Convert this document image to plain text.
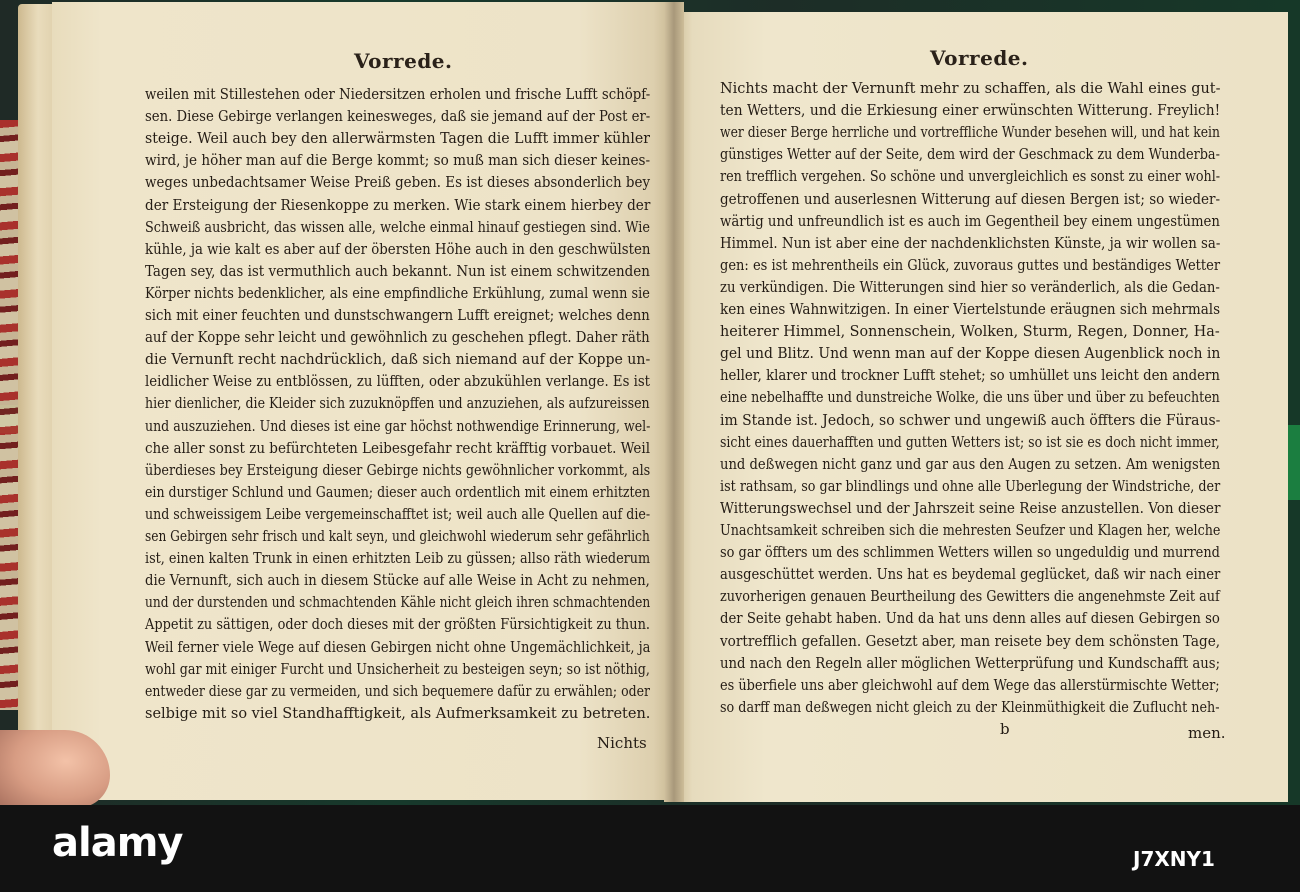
Vorrede.	Vorrede.
weilen mit Stillestehen oder Niedersitzen erholen und frische Lufft schöpf-
sen. Diese Gebirge verlangen keinesweges, daß sie jemand auf der Post er-
steige. Weil auch bey den allerwärmsten Tagen die Lufft immer kühler
wird, je höher man auf die Berge kommt; so muß man sich dieser keines-
weges unbedachtsamer Weise Preiß geben. Es ist dieses absonderlich bey
der Ersteigung der Riesenkoppe zu merken. Wie stark einem hierbey der
Schweiß ausbricht, das wissen alle, welche einmal hinauf gestiegen sind. Wie
kühle, ja wie kalt es aber auf der öbersten Höhe auch in den geschwülsten
Tagen sey, das ist vermuthlich auch bekannt. Nun ist einem schwitzenden
Körper nichts bedenklicher, als eine empfindliche Erkühlung, zumal wenn sie
sich mit einer feuchten und dunstschwangern Lufft ereignet; welches denn
auf der Koppe sehr leicht und gewöhnlich zu geschehen pflegt. Daher räth
die Vernunft recht nachdrücklich, daß sich niemand auf der Koppe un-
leidlicher Weise zu entblössen, zu lüfften, oder abzukühlen verlange. Es ist
hier dienlicher, die Kleider sich zuzuknöpffen und anzuziehen, als aufzureissen
und auszuziehen. Und dieses ist eine gar höchst nothwendige Erinnerung, wel-
che aller sonst zu befürchteten Leibesgefahr recht kräfftig vorbauet. Weil
überdieses bey Ersteigung dieser Gebirge nichts gewöhnlicher vorkommt, als
ein durstiger Schlund und Gaumen; dieser auch ordentlich mit einem erhitzten
und schweissigem Leibe vergemeinschafftet ist; weil auch alle Quellen auf die-
sen Gebirgen sehr frisch und kalt seyn, und gleichwohl wiederum sehr gefährlich
ist, einen kalten Trunk in einen erhitzten Leib zu güssen; allso räth wiederum
die Vernunft, sich auch in diesem Stücke auf alle Weise in Acht zu nehmen,
und der durstenden und schmachtenden Kähle nicht gleich ihren schmachtenden
Appetit zu sättigen, oder doch dieses mit der größten Fürsichtigkeit zu thun.
Weil ferner viele Wege auf diesen Gebirgen nicht ohne Ungemächlichkeit, ja
wohl gar mit einiger Furcht und Unsicherheit zu besteigen seyn; so ist nöthig,
entweder diese gar zu vermeiden, und sich bequemere dafür zu erwählen; oder
selbige mit so viel Standhafftigkeit, als Aufmerksamkeit zu betreten.
Nichts macht der Vernunft mehr zu schaffen, als die Wahl eines gut-
ten Wetters, und die Erkiesung einer erwünschten Witterung. Freylich!
wer dieser Berge herrliche und vortreffliche Wunder besehen will, und hat kein
günstiges Wetter auf der Seite, dem wird der Geschmack zu dem Wunderba-
ren trefflich vergehen. So schöne und unvergleichlich es sonst zu einer wohl-
getroffenen und auserlesnen Witterung auf diesen Bergen ist; so wieder-
wärtig und unfreundlich ist es auch im Gegentheil bey einem ungestümen
Himmel. Nun ist aber eine der nachdenklichsten Künste, ja wir wollen sa-
gen: es ist mehrentheils ein Glück, zuvoraus guttes und beständiges Wetter
zu verkündigen. Die Witterungen sind hier so veränderlich, als die Gedan-
ken eines Wahnwitzigen. In einer Viertelstunde eräugnen sich mehrmals
heiterer Himmel, Sonnenschein, Wolken, Sturm, Regen, Donner, Ha-
gel und Blitz. Und wenn man auf der Koppe diesen Augenblick noch in
heller, klarer und trockner Lufft stehet; so umhüllet uns leicht den andern
eine nebelhaffte und dunstreiche Wolke, die uns über und über zu befeuchten
im Stande ist. Jedoch, so schwer und ungewiß auch öffters die Füraus-
sicht eines dauerhafften und gutten Wetters ist; so ist sie es doch nicht immer,
und deßwegen nicht ganz und gar aus den Augen zu setzen. Am wenigsten
ist rathsam, so gar blindlings und ohne alle Uberlegung der Windstriche, der
Witterungswechsel und der Jahrszeit seine Reise anzustellen. Von dieser
Unachtsamkeit schreiben sich die mehresten Seufzer und Klagen her, welche
so gar öffters um des schlimmen Wetters willen so ungeduldig und murrend
ausgeschüttet werden. Uns hat es beydemal geglücket, daß wir nach einer
zuvorherigen genauen Beurtheilung des Gewitters die angenehmste Zeit auf
der Seite gehabt haben. Und da hat uns denn alles auf diesen Gebirgen so
vortrefflich gefallen. Gesetzt aber, man reisete bey dem schönsten Tage,
und nach den Regeln aller möglichen Wetterprüfung und Kundschafft aus;
es überfiele uns aber gleichwohl auf dem Wege das allerstürmischte Wetter;
so darff man deßwegen nicht gleich zu der Kleinmüthigkeit die Zuflucht neh-
Nichts
b	men.
alamy	J7XNY1
